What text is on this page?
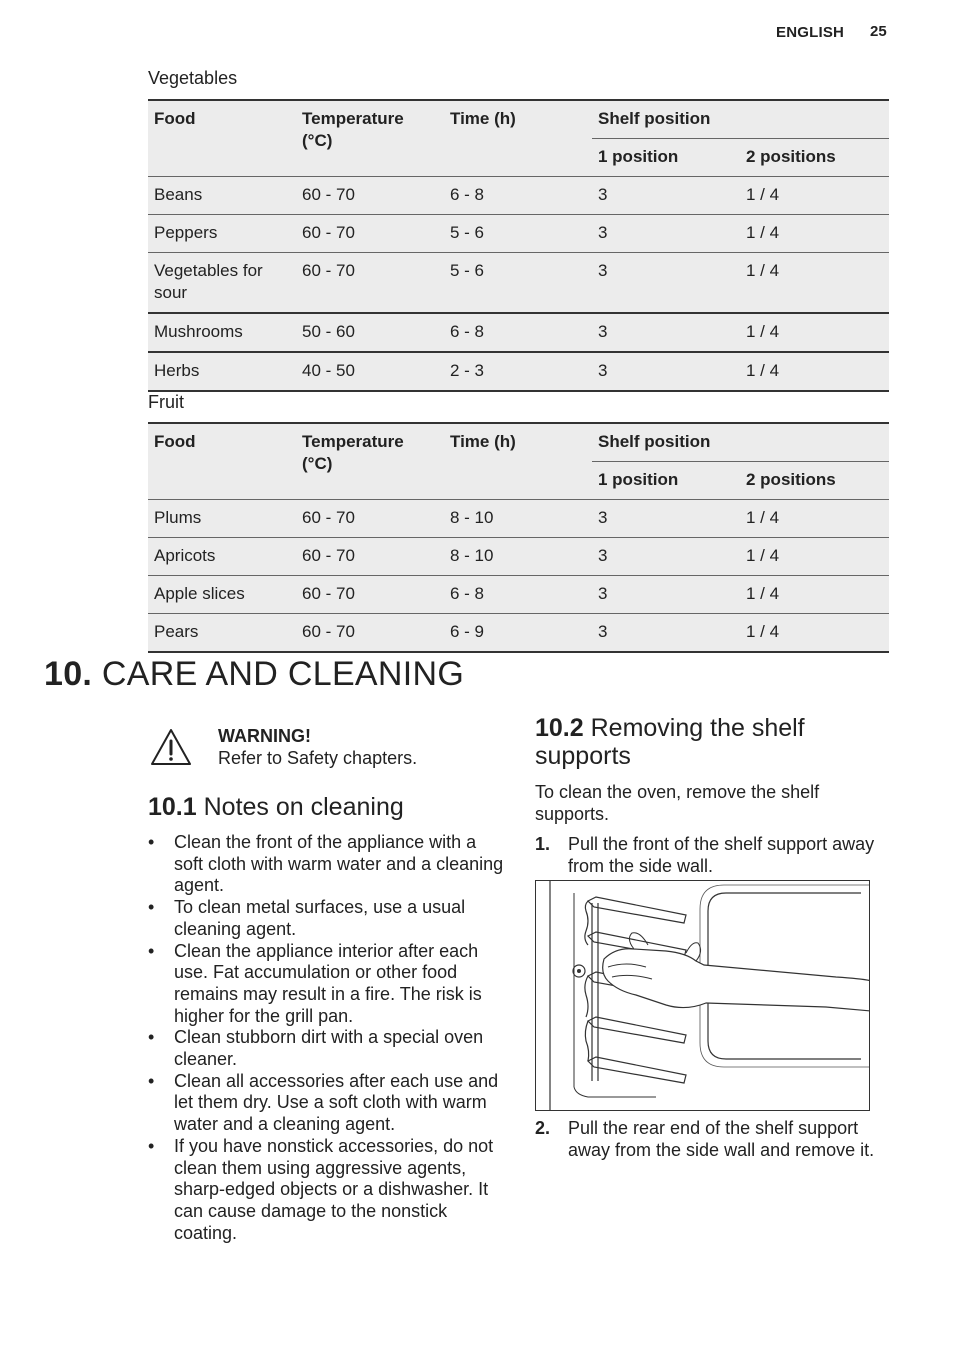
ENGLISH 25
Vegetables
Food	Temperature (°C)	Time (h)	Shelf position	
			1 position	2 positions
Beans	60 - 70	6 - 8	3	1 / 4
Peppers	60 - 70	5 - 6	3	1 / 4
Vegetables for sour	60 - 70	5 - 6	3	1 / 4
Mushrooms	50 - 60	6 - 8	3	1 / 4
Herbs	40 - 50	2 - 3	3	1 / 4
Fruit
Food	Temperature (°C)	Time (h)	Shelf position	
			1 position	2 positions
Plums	60 - 70	8 - 10	3	1 / 4
Apricots	60 - 70	8 - 10	3	1 / 4
Apple slices	60 - 70	6 - 8	3	1 / 4
Pears	60 - 70	6 - 9	3	1 / 4
10. CARE AND CLEANING
WARNING!
Refer to Safety chapters.
10.1 Notes on cleaning
• Clean the front of the appliance with a soft cloth with warm water and a cleaning agent.
• To clean metal surfaces, use a usual cleaning agent.
• Clean the appliance interior after each use. Fat accumulation or other food remains may result in a fire. The risk is higher for the grill pan.
• Clean stubborn dirt with a special oven cleaner.
• Clean all accessories after each use and let them dry. Use a soft cloth with warm water and a cleaning agent.
• If you have nonstick accessories, do not clean them using aggressive agents, sharp-edged objects or a dishwasher. It can cause damage to the nonstick coating.
10.2 Removing the shelf supports
To clean the oven, remove the shelf supports.
1. Pull the front of the shelf support away from the side wall.
2. Pull the rear end of the shelf support away from the side wall and remove it.
